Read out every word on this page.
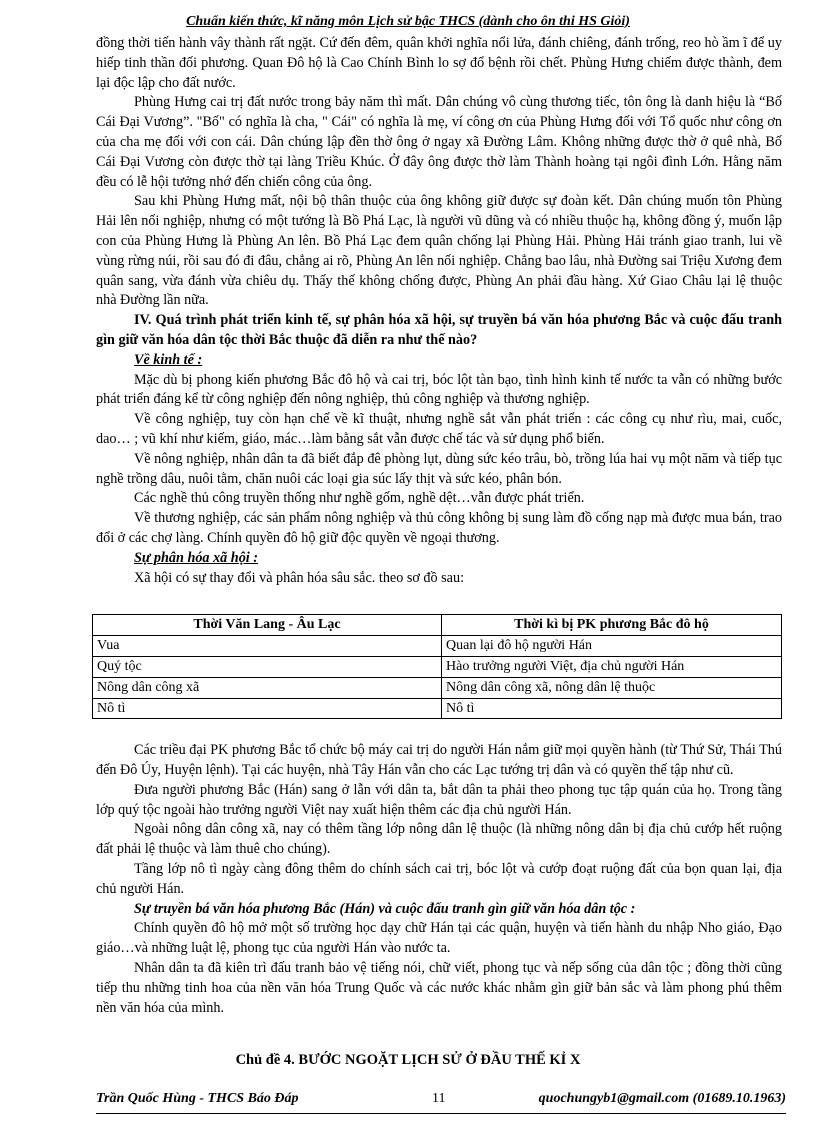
Chuẩn kiến thức, kĩ năng môn Lịch sử bậc THCS (dành cho ôn thi HS Giỏi)

đồng thời tiến hành vây thành rất ngặt. Cứ đến đêm, quân khởi nghĩa nổi lửa, đánh chiêng, đánh trống, reo hò ầm ĩ để uy hiếp tinh thần đối phương. Quan Đô hộ là Cao Chính Bình lo sợ đổ bệnh rồi chết. Phùng Hưng chiếm được thành, đem lại độc lập cho đất nước.

Phùng Hưng cai trị đất nước trong bảy năm thì mất. Dân chúng vô cùng thương tiếc, tôn ông là danh hiệu là “Bố Cái Đại Vương”. "Bố" có nghĩa là cha, " Cái" có nghĩa là mẹ, ví công ơn của Phùng Hưng đối với Tổ quốc như công ơn của cha mẹ đối với con cái. Dân chúng lập đền thờ ông ở ngay xã Đường Lâm. Không những được thờ ở quê nhà, Bố Cái Đại Vương còn được thờ tại làng Triều Khúc. Ở đây ông được thờ làm Thành hoàng tại ngôi đình Lớn. Hằng năm đều có lễ hội tưởng nhớ đến chiến công của ông.

Sau khi Phùng Hưng mất, nội bộ thân thuộc của ông không giữ được sự đoàn kết. Dân chúng muốn tôn Phùng Hải lên nối nghiệp, nhưng có một tướng là Bồ Phá Lạc, là người vũ dũng và có nhiều thuộc hạ, không đồng ý, muốn lập con của Phùng Hưng là Phùng An lên. Bồ Phá Lạc đem quân chống lại Phùng Hải. Phùng Hải tránh giao tranh, lui về vùng rừng núi, rồi sau đó đi đâu, chẳng ai rõ, Phùng An lên nối nghiệp. Chẳng bao lâu, nhà Đường sai Triệu Xương đem quân sang, vừa đánh vừa chiêu dụ. Thấy thế không chống được, Phùng An phải đầu hàng. Xứ Giao Châu lại lệ thuộc nhà Đường lần nữa.

IV. Quá trình phát triển kinh tế, sự phân hóa xã hội, sự truyền bá văn hóa phương Bắc và cuộc đấu tranh gìn giữ văn hóa dân tộc thời Bắc thuộc đã diễn ra như thế nào?

Về kinh tế :

Mặc dù bị phong kiến phương Bắc đô hộ và cai trị, bóc lột tàn bạo, tình hình kinh tế nước ta vẫn có những bước phát triển đáng kể từ công nghiệp đến nông nghiệp, thủ công nghiệp và thương nghiệp.

Về công nghiệp, tuy còn hạn chế về kĩ thuật, nhưng nghề sắt vẫn phát triển : các công cụ như rìu, mai, cuốc, dao… ; vũ khí như kiếm, giáo, mác…làm bằng sắt vẫn được chế tác và sử dụng phổ biến.

Về nông nghiệp, nhân dân ta đã biết đắp đê phòng lụt, dùng sức kéo trâu, bò, trồng lúa hai vụ một năm và tiếp tục nghề trồng dâu, nuôi tằm, chăn nuôi các loại gia súc lấy thịt và sức kéo, phân bón.

Các nghề thủ công truyền thống như nghề gốm, nghề dệt…vẫn được phát triển.

Về thương nghiệp, các sản phẩm nông nghiệp và thủ công không bị sung làm đồ cống nạp mà được mua bán, trao đổi ở các chợ làng. Chính quyền đô hộ giữ độc quyền về ngoại thương.

Sự phân hóa xã hội :

Xã hội có sự thay đổi và phân hóa sâu sắc. theo sơ đồ sau:

Thời Văn Lang - Âu Lạc	Thời kì bị PK phương Bắc đô hộ
Vua	Quan lại đô hộ người Hán
Quý tộc	Hào trưởng người Việt, địa chủ người Hán
Nông dân công xã	Nông dân công xã, nông dân lệ thuộc
Nô tì	Nô tì

Các triều đại PK phương Bắc tổ chức bộ máy cai trị do người Hán nắm giữ mọi quyền hành (từ Thứ Sử, Thái Thú đến Đô Úy, Huyện lệnh). Tại các huyện, nhà Tây Hán vẫn cho các Lạc tướng trị dân và có quyền thế tập như cũ.

Đưa người phương Bắc (Hán) sang ở lẫn với dân ta, bắt dân ta phải theo phong tục tập quán của họ. Trong tầng lớp quý tộc ngoài hào trưởng người Việt nay xuất hiện thêm các địa chủ người Hán.

Ngoài nông dân công xã, nay có thêm tầng lớp nông dân lệ thuộc (là những nông dân bị địa chủ cướp hết ruộng đất phải lệ thuộc và làm thuê cho chúng).

Tầng lớp nô tì ngày càng đông thêm do chính sách cai trị, bóc lột và cướp đoạt ruộng đất của bọn quan lại, địa chủ người Hán.

Sự truyền bá văn hóa phương Bắc (Hán) và cuộc đấu tranh gìn giữ văn hóa dân tộc :

Chính quyền đô hộ mở một số trường học dạy chữ Hán tại các quận, huyện và tiến hành du nhập Nho giáo, Đạo giáo…và những luật lệ, phong tục của người Hán vào nước ta.

Nhân dân ta đã kiên trì đấu tranh bảo vệ tiếng nói, chữ viết, phong tục và nếp sống của dân tộc ; đồng thời cũng tiếp thu những tinh hoa của nền văn hóa Trung Quốc và các nước khác nhằm gìn giữ bản sắc và làm phong phú thêm nền văn hóa của mình.

Chủ đề 4. BƯỚC NGOẶT LỊCH SỬ Ở ĐẦU THẾ KỈ X
Trần Quốc Hùng - THCS Báo Đáp	11	quochungyb1@gmail.com (01689.10.1963)
